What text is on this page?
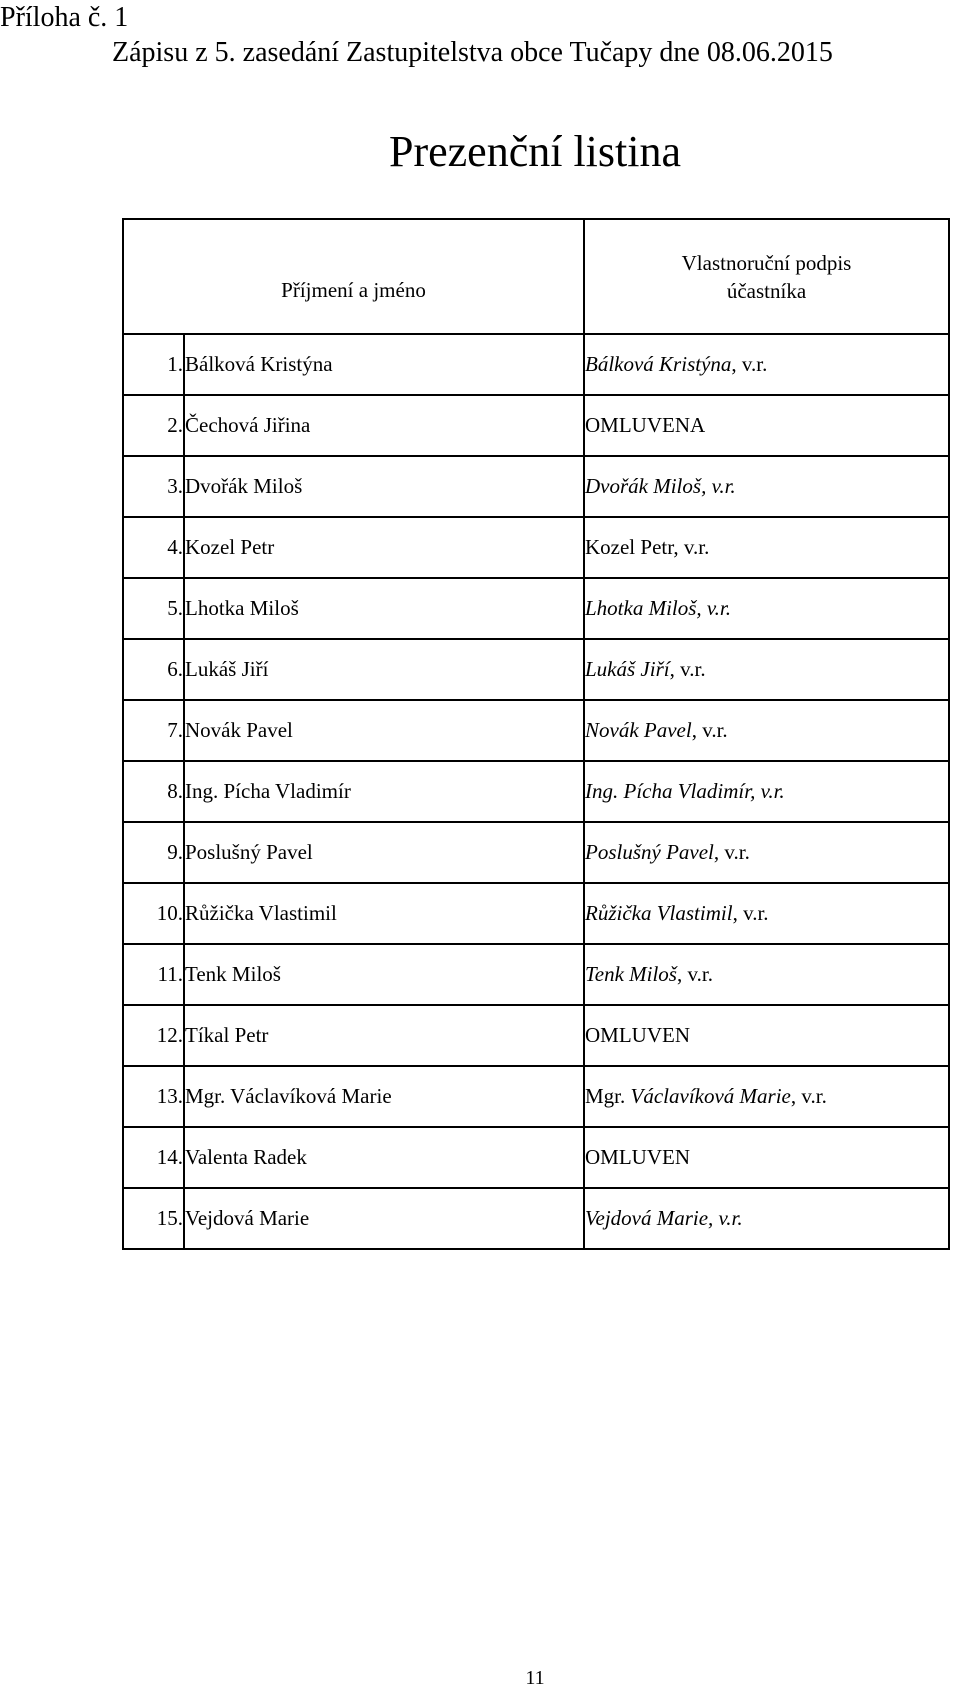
Příloha č. 1
Zápisu z 5. zasedání Zastupitelstva obce Tučapy dne 08.06.2015
Prezenční listina
Příjmení a jméno		Vlastnoruční podpis
účastníka
1.	Bálková Kristýna	Bálková Kristýna, v.r.
2.	Čechová Jiřina	OMLUVENA
3.	Dvořák Miloš	Dvořák Miloš, v.r.
4.	Kozel Petr	Kozel Petr, v.r.
5.	Lhotka Miloš	Lhotka Miloš, v.r.
6.	Lukáš Jiří	Lukáš Jiří, v.r.
7.	Novák Pavel	Novák Pavel, v.r.
8.	Ing. Pícha Vladimír	Ing. Pícha Vladimír, v.r.
9.	Poslušný Pavel	Poslušný Pavel, v.r.
10.	Růžička Vlastimil	Růžička Vlastimil, v.r.
11.	Tenk Miloš	Tenk Miloš, v.r.
12.	Tíkal Petr	OMLUVEN
13.	Mgr. Václavíková Marie	Mgr. Václavíková Marie, v.r.
14.	Valenta Radek	OMLUVEN
15.	Vejdová Marie	Vejdová Marie, v.r.
11
